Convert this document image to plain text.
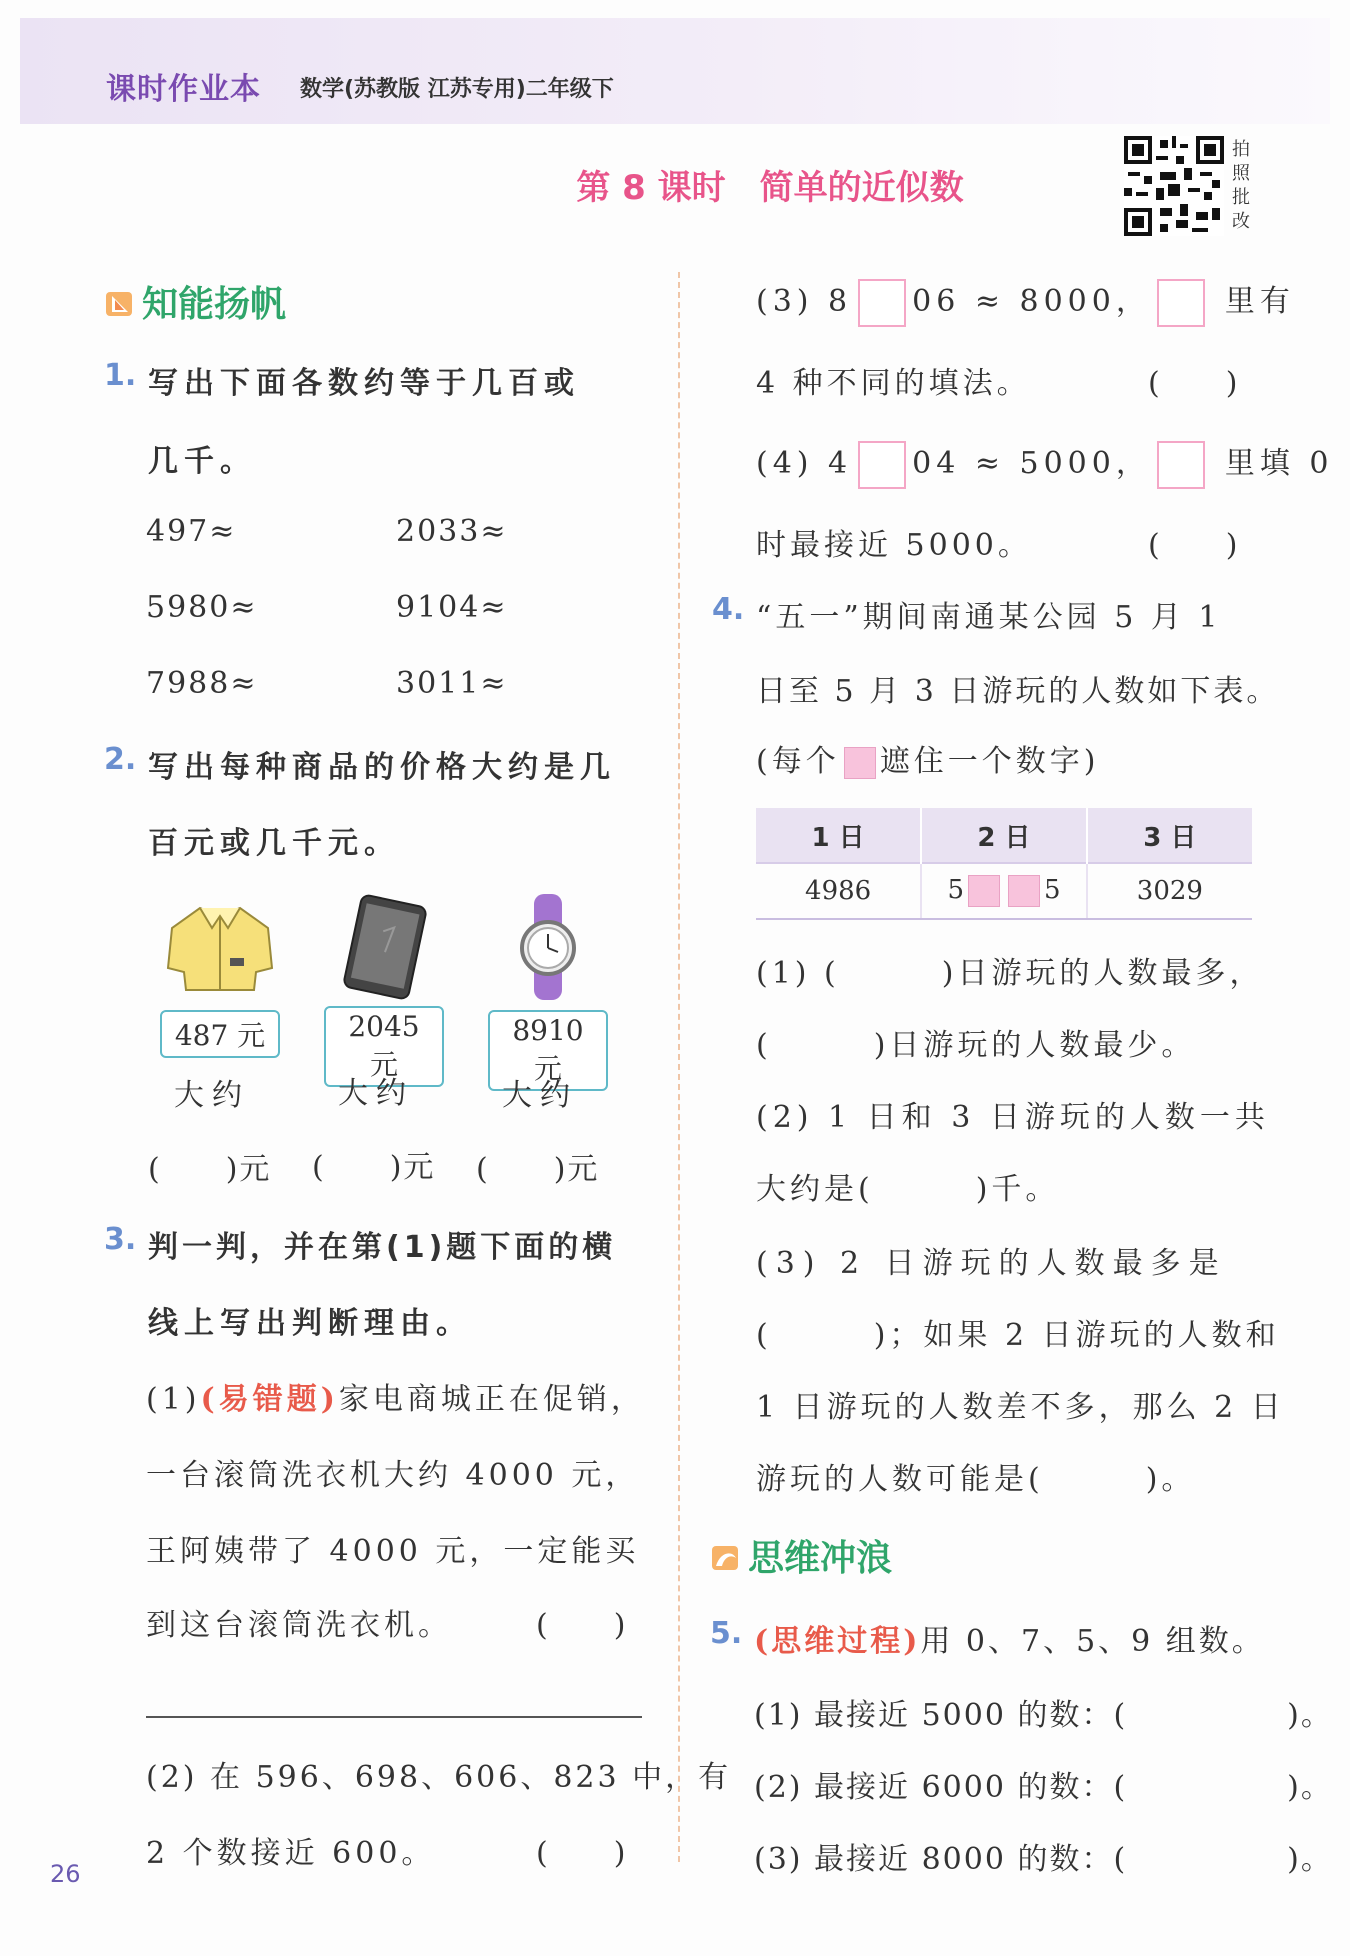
课时作业本 数学(苏教版 江苏专用)二年级下
第 8 课时　简单的近似数
拍
照
批
改
知能扬帆
1. 写出下面各数约等于几百或
几千。
497≈	2033≈
5980≈	9104≈
7988≈	3011≈
2. 写出每种商品的价格大约是几
百元或几千元。
487 元	2045 元
8910 元
大约	大约	大约
(　　)元 (　　)元 (　　)元
3. 判一判，并在第(1)题下面的横
线上写出判断理由。
(1)(易错题)家电商城正在促销，
一台滚筒洗衣机大约 4000 元，
王阿姨带了 4000 元，一定能买
到这台滚筒洗衣机。	(　　)
(2) 在 596、698、606、823 中，有
2 个数接近 600。	(　　)
26
(3) 8 06 ≈ 8000， 里有
4 种不同的填法。	(　　)
(4) 4 04 ≈ 5000， 里填 0
时最接近 5000。	(　　)
4. “五一”期间南通某公园 5 月 1
日至 5 月 3 日游玩的人数如下表。
(每个 遮住一个数字)
1 日	2 日	3 日
4986	5 5	3029
(1) (　　　)日游玩的人数最多，
(　　　)日游玩的人数最少。
(2) 1 日和 3 日游玩的人数一共
大约是(　　　)千。
(3) 2 日游玩的人数最多是
(　　　)；如果 2 日游玩的人数和
1 日游玩的人数差不多，那么 2 日
游玩的人数可能是(　　　)。
思维冲浪
5. (思维过程)用 0、7、5、9 组数。
(1) 最接近 5000 的数：(　　　　　)。
(2) 最接近 6000 的数：(　　　　　)。
(3) 最接近 8000 的数：(　　　　　)。
